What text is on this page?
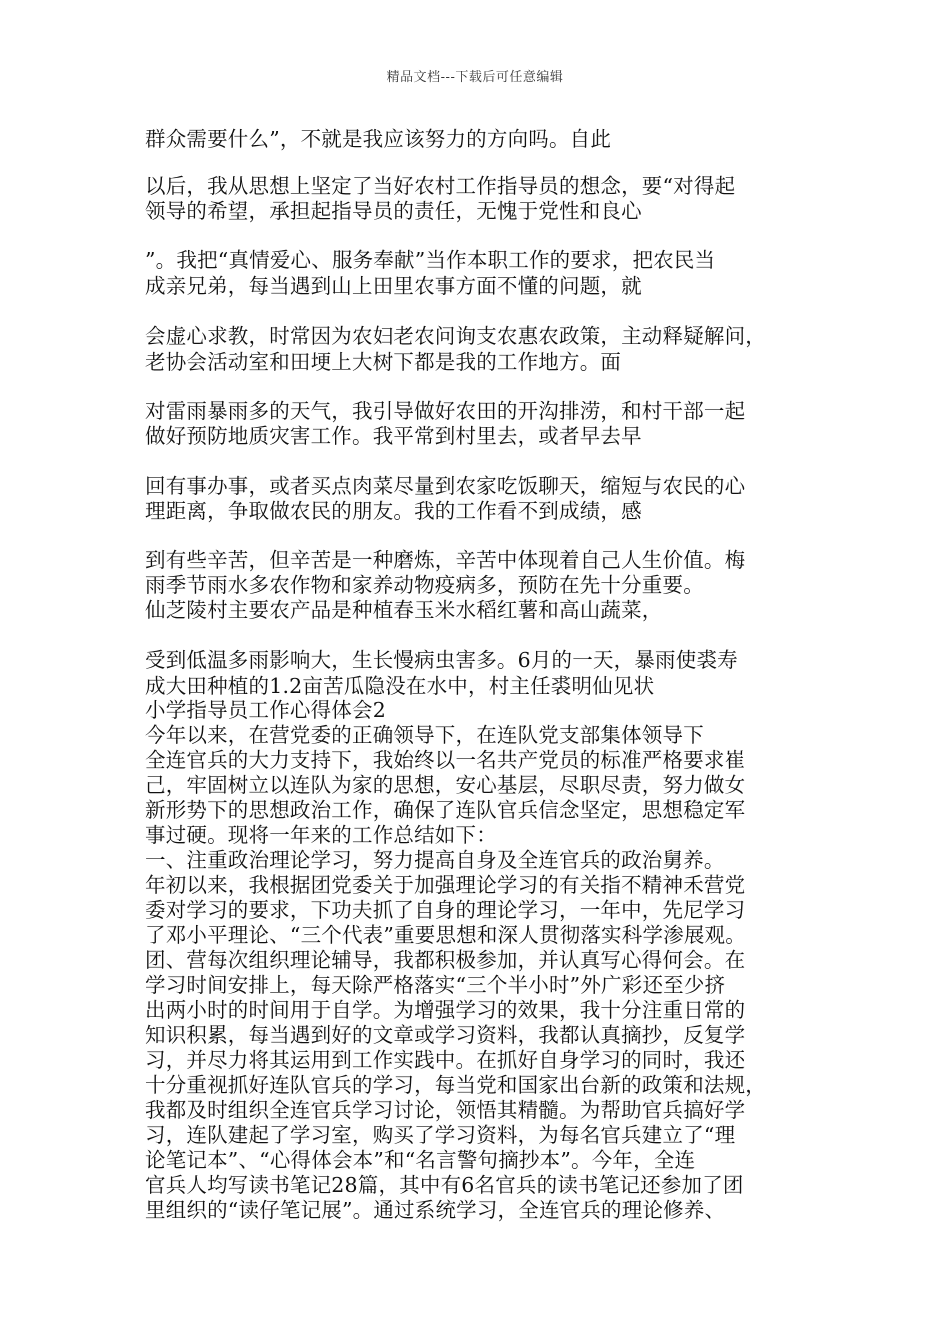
精品文档---下载后可任意编辑
群众需要什么”，不就是我应该努力的方向吗。自此
以后，我从思想上坚定了当好农村工作指导员的想念，要“对得起
领导的希望，承担起指导员的责任，无愧于党性和良心
”。我把“真情爱心、服务奉献”当作本职工作的要求，把农民当
成亲兄弟，每当遇到山上田里农事方面不懂的问题，就
会虚心求教，时常因为农妇老农问询支农惠农政策，主动释疑解问，
老协会活动室和田埂上大树下都是我的工作地方。面
对雷雨暴雨多的天气，我引导做好农田的开沟排涝，和村干部一起
做好预防地质灾害工作。我平常到村里去，或者早去早
回有事办事，或者买点肉菜尽量到农家吃饭聊天，缩短与农民的心
理距离，争取做农民的朋友。我的工作看不到成绩，感
到有些辛苦，但辛苦是一种磨炼，辛苦中体现着自己人生价值。梅
雨季节雨水多农作物和家养动物疫病多，预防在先十分重要。
仙芝陵村主要农产品是种植春玉米水稻红薯和高山蔬菜，
受到低温多雨影响大，生长慢病虫害多。6月的一天，暴雨使裘寿
成大田种植的1.2亩苦瓜隐没在水中，村主任裘明仙见状
小学指导员工作心得体会2
今年以来，在营党委的正确领导下，在连队党支部集体领导下
全连官兵的大力支持下，我始终以一名共产党员的标准严格要求崔
己，牢固树立以连队为家的思想，安心基层，尽职尽责，努力做女
新形势下的思想政治工作，确保了连队官兵信念坚定，思想稳定军
事过硬。现将一年来的工作总结如下：
一、注重政治理论学习，努力提高自身及全连官兵的政治舅养。
年初以来，我根据团党委关于加强理论学习的有关指不精神禾营党
委对学习的要求，下功夫抓了自身的理论学习，一年中，先尼学习
了邓小平理论、“三个代表”重要思想和深人贯彻落实科学渗展观。
团、营每次组织理论辅导，我都积极参加，并认真写心得何会。在
学习时间安排上，每天除严格落实“三个半小时”外广彩还至少挤
出两小时的时间用于自学。为增强学习的效果，我十分注重日常的
知识积累，每当遇到好的文章或学习资料，我都认真摘抄，反复学
习，并尽力将其运用到工作实践中。在抓好自身学习的同时，我还
十分重视抓好连队官兵的学习，每当党和国家出台新的政策和法规，
我都及时组织全连官兵学习讨论，领悟其精髓。为帮助官兵搞好学
习，连队建起了学习室，购买了学习资料，为每名官兵建立了“理
论笔记本”、“心得体会本”和“名言警句摘抄本”。今年，全连
官兵人均写读书笔记28篇，其中有6名官兵的读书笔记还参加了团
里组织的“读仔笔记展”。通过系统学习，全连官兵的理论修养、
